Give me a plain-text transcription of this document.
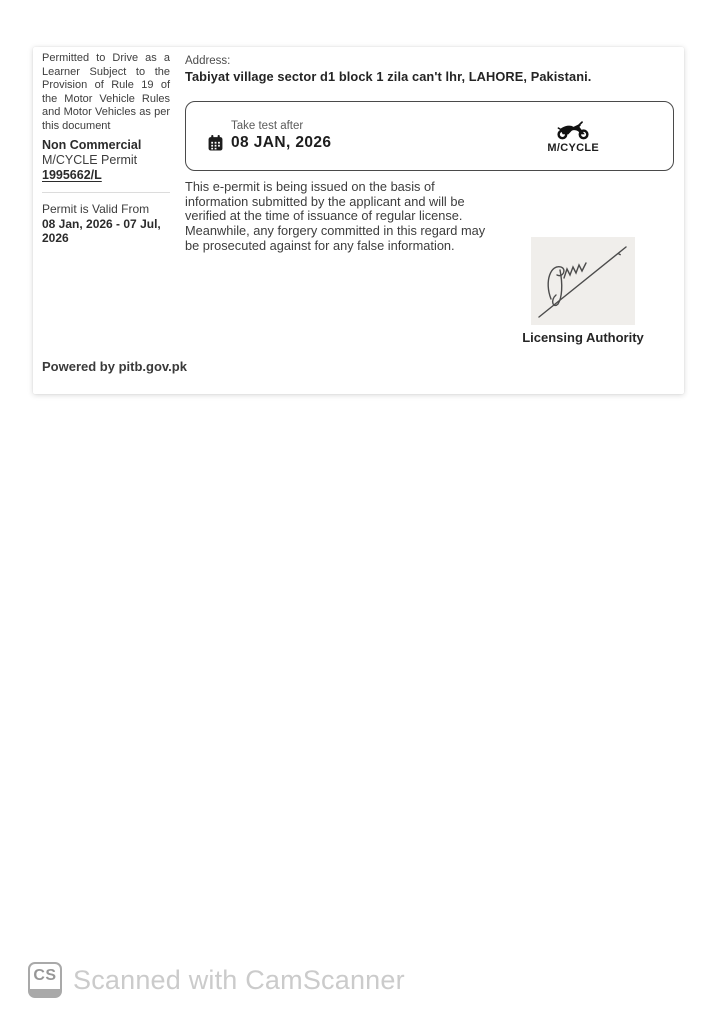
Permitted to Drive as a Learner Subject to the Provision of Rule 19 of the Motor Vehicle Rules and Motor Vehicles as per this document

Non Commercial
M/CYCLE Permit
1995662/L
Permit is Valid From
08 Jan, 2026 - 07 Jul, 2026
Address:
Tabiyat village sector d1 block 1 zila can't lhr, LAHORE, Pakistani.
Take test after
08 JAN, 2026	M/CYCLE

This e-permit is being issued on the basis of information submitted by the applicant and will be verified at the time of issuance of regular license. Meanwhile, any forgery committed in this regard may be prosecuted against for any false information.

Licensing Authority
Powered by pitb.gov.pk
CS Scanned with CamScanner
